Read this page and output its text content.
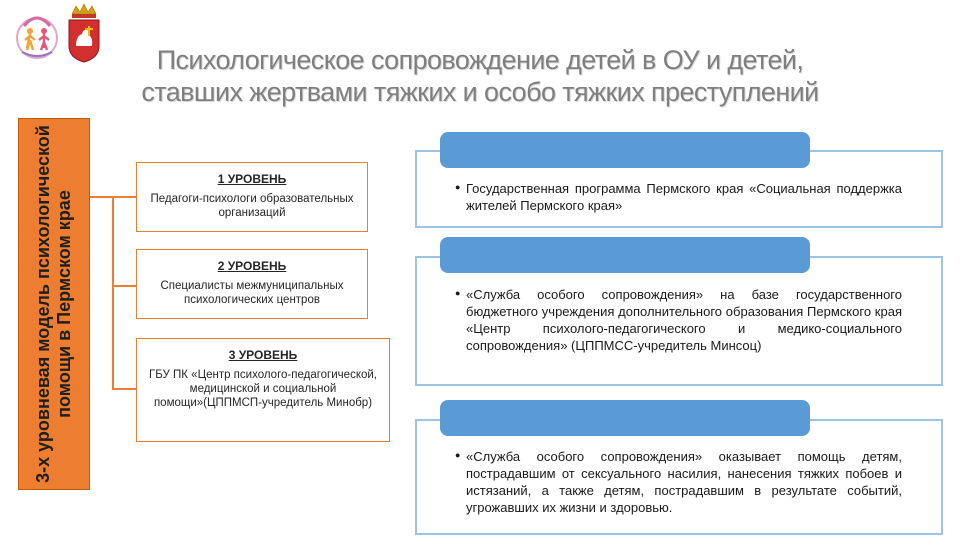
Психологическое сопровождение детей в ОУ и детей,
ставших жертвами тяжких и особо тяжких преступлений
3-х уровневая модель психологической помощи в Пермском крае
1 УРОВЕНЬ
Педагоги-психологи образовательных организаций
2 УРОВЕНЬ
Специалисты межмуниципальных психологических центров
3 УРОВЕНЬ
ГБУ ПК «Центр психолого-педагогической, медицинской и социальной помощи»(ЦППМСП-учредитель Минобр)
● Государственная программа Пермского края «Социальная поддержка жителей Пермского края»
● «Служба особого сопровождения» на базе государственного бюджетного учреждения дополнительного образования Пермского края «Центр психолого-педагогического и медико-социального сопровождения» (ЦППМСС-учредитель Минсоц)
● «Служба особого сопровождения» оказывает помощь детям, пострадавшим от сексуального насилия, нанесения тяжких побоев и истязаний, а также детям, пострадавшим в результате событий, угрожавших их жизни и здоровью.
